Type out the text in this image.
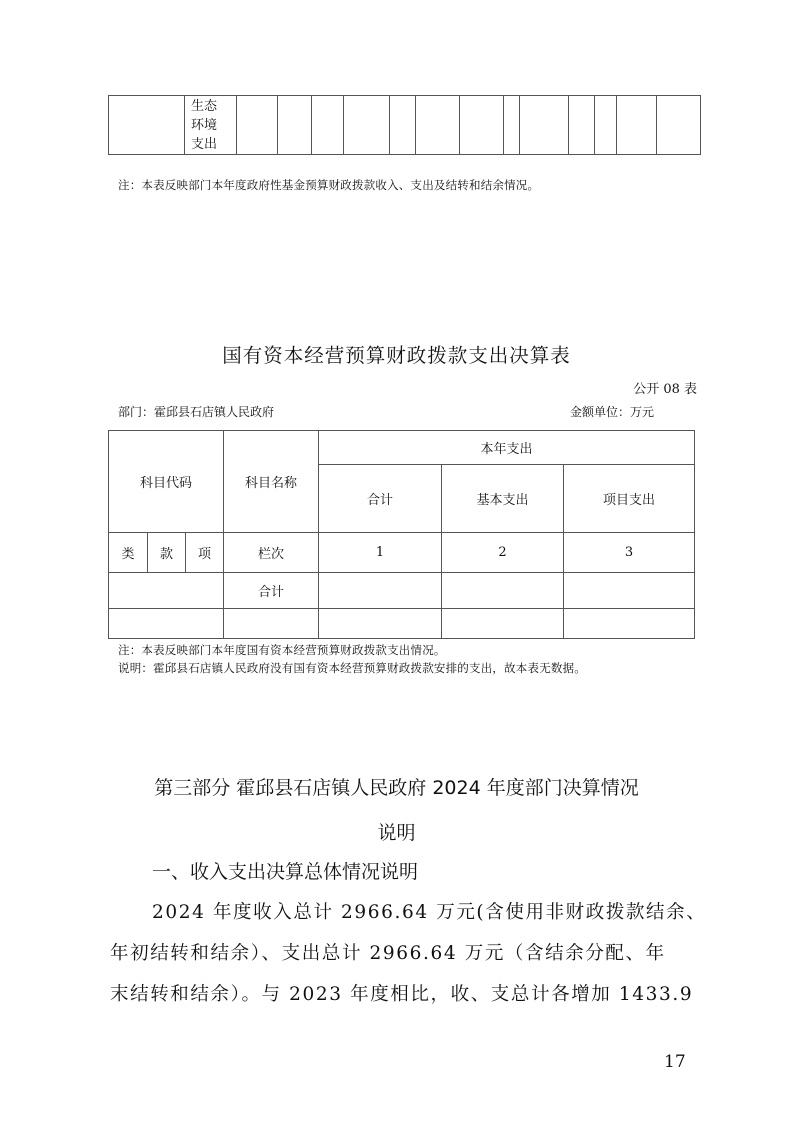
生态
环境
支出

注：本表反映部门本年度政府性基金预算财政拨款收入、支出及结转和结余情况。
国有资本经营预算财政拨款支出决算表
公开 08 表
部门：霍邱县石店镇人民政府	金额单位：万元
科目代码			科目名称	本年支出		
				合计	基本支出	项目支出
类	款	项	栏次	1	2	3
			合计			

注：本表反映部门本年度国有资本经营预算财政拨款支出情况。
说明：霍邱县石店镇人民政府没有国有资本经营预算财政拨款安排的支出，故本表无数据。
第三部分 霍邱县石店镇人民政府 2024 年度部门决算情况
说明
一、收入支出决算总体情况说明
2024 年度收入总计 2966.64 万元(含使用非财政拨款结余、
年初结转和结余）、支出总计 2966.64 万元（含结余分配、年
末结转和结余）。与 2023 年度相比，收、支总计各增加 1433.9
17
